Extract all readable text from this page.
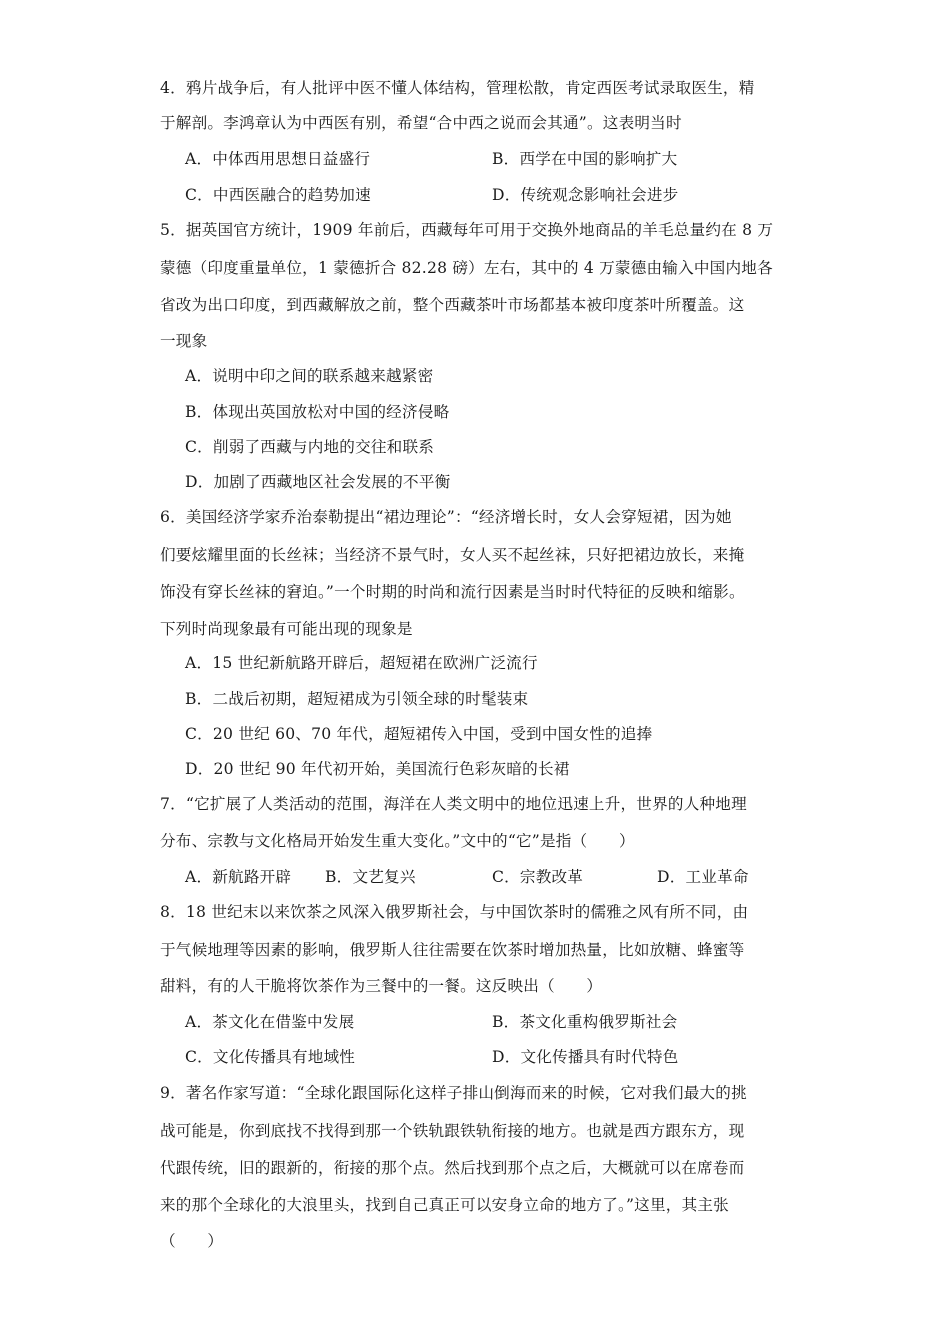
4．鸦片战争后，有人批评中医不懂人体结构，管理松散，肯定西医考试录取医生，精
于解剖。李鸿章认为中西医有别，希望“合中西之说而会其通”。这表明当时
A．中体西用思想日益盛行	B．西学在中国的影响扩大
C．中西医融合的趋势加速	D．传统观念影响社会进步
5．据英国官方统计，1909 年前后，西藏每年可用于交换外地商品的羊毛总量约在 8 万
蒙德（印度重量单位，1 蒙德折合 82.28 磅）左右，其中的 4 万蒙德由输入中国内地各
省改为出口印度，到西藏解放之前，整个西藏茶叶市场都基本被印度茶叶所覆盖。这
一现象
A．说明中印之间的联系越来越紧密
B．体现出英国放松对中国的经济侵略
C．削弱了西藏与内地的交往和联系
D．加剧了西藏地区社会发展的不平衡
6．美国经济学家乔治泰勒提出“裙边理论”：“经济增长时，女人会穿短裙，因为她
们要炫耀里面的长丝袜；当经济不景气时，女人买不起丝袜，只好把裙边放长，来掩
饰没有穿长丝袜的窘迫。”一个时期的时尚和流行因素是当时时代特征的反映和缩影。
下列时尚现象最有可能出现的现象是
A．15 世纪新航路开辟后，超短裙在欧洲广泛流行
B．二战后初期，超短裙成为引领全球的时髦装束
C．20 世纪 60、70 年代，超短裙传入中国，受到中国女性的追捧
D．20 世纪 90 年代初开始，美国流行色彩灰暗的长裙
7．“它扩展了人类活动的范围，海洋在人类文明中的地位迅速上升，世界的人种地理
分布、宗教与文化格局开始发生重大变化。”文中的“它”是指（　　）
A．新航路开辟 B．文艺复兴	C．宗教改革	D．工业革命
8．18 世纪末以来饮茶之风深入俄罗斯社会，与中国饮茶时的儒雅之风有所不同，由
于气候地理等因素的影响，俄罗斯人往往需要在饮茶时增加热量，比如放糖、蜂蜜等
甜料，有的人干脆将饮茶作为三餐中的一餐。这反映出（　　）
A．茶文化在借鉴中发展	B．茶文化重构俄罗斯社会
C．文化传播具有地域性	D．文化传播具有时代特色
9．著名作家写道：“全球化跟国际化这样子排山倒海而来的时候，它对我们最大的挑
战可能是，你到底找不找得到那一个铁轨跟铁轨衔接的地方。也就是西方跟东方，现
代跟传统，旧的跟新的，衔接的那个点。然后找到那个点之后，大概就可以在席卷而
来的那个全球化的大浪里头，找到自己真正可以安身立命的地方了。”这里，其主张
（　　）
